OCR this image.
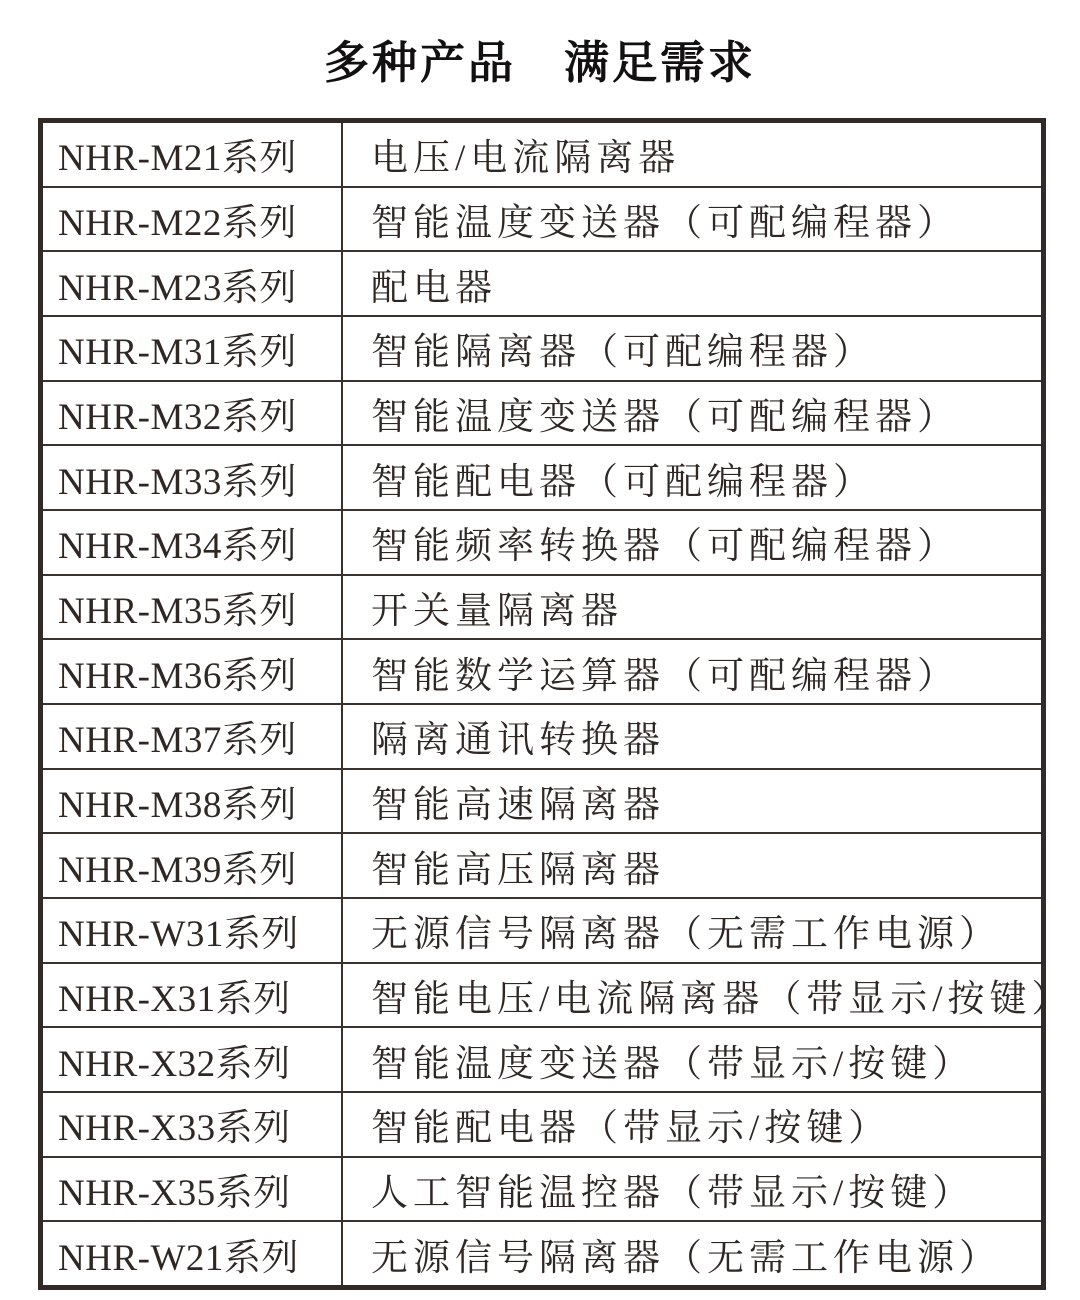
多种产品　满足需求
NHR-M21系列	电压/电流隔离器
NHR-M22系列	智能温度变送器（可配编程器）
NHR-M23系列	配电器
NHR-M31系列	智能隔离器（可配编程器）
NHR-M32系列	智能温度变送器（可配编程器）
NHR-M33系列	智能配电器（可配编程器）
NHR-M34系列	智能频率转换器（可配编程器）
NHR-M35系列	开关量隔离器
NHR-M36系列	智能数学运算器（可配编程器）
NHR-M37系列	隔离通讯转换器
NHR-M38系列	智能高速隔离器
NHR-M39系列	智能高压隔离器
NHR-W31系列	无源信号隔离器（无需工作电源）
NHR-X31系列	智能电压/电流隔离器（带显示/按键）
NHR-X32系列	智能温度变送器（带显示/按键）
NHR-X33系列	智能配电器（带显示/按键）
NHR-X35系列	人工智能温控器（带显示/按键）
NHR-W21系列	无源信号隔离器（无需工作电源）
